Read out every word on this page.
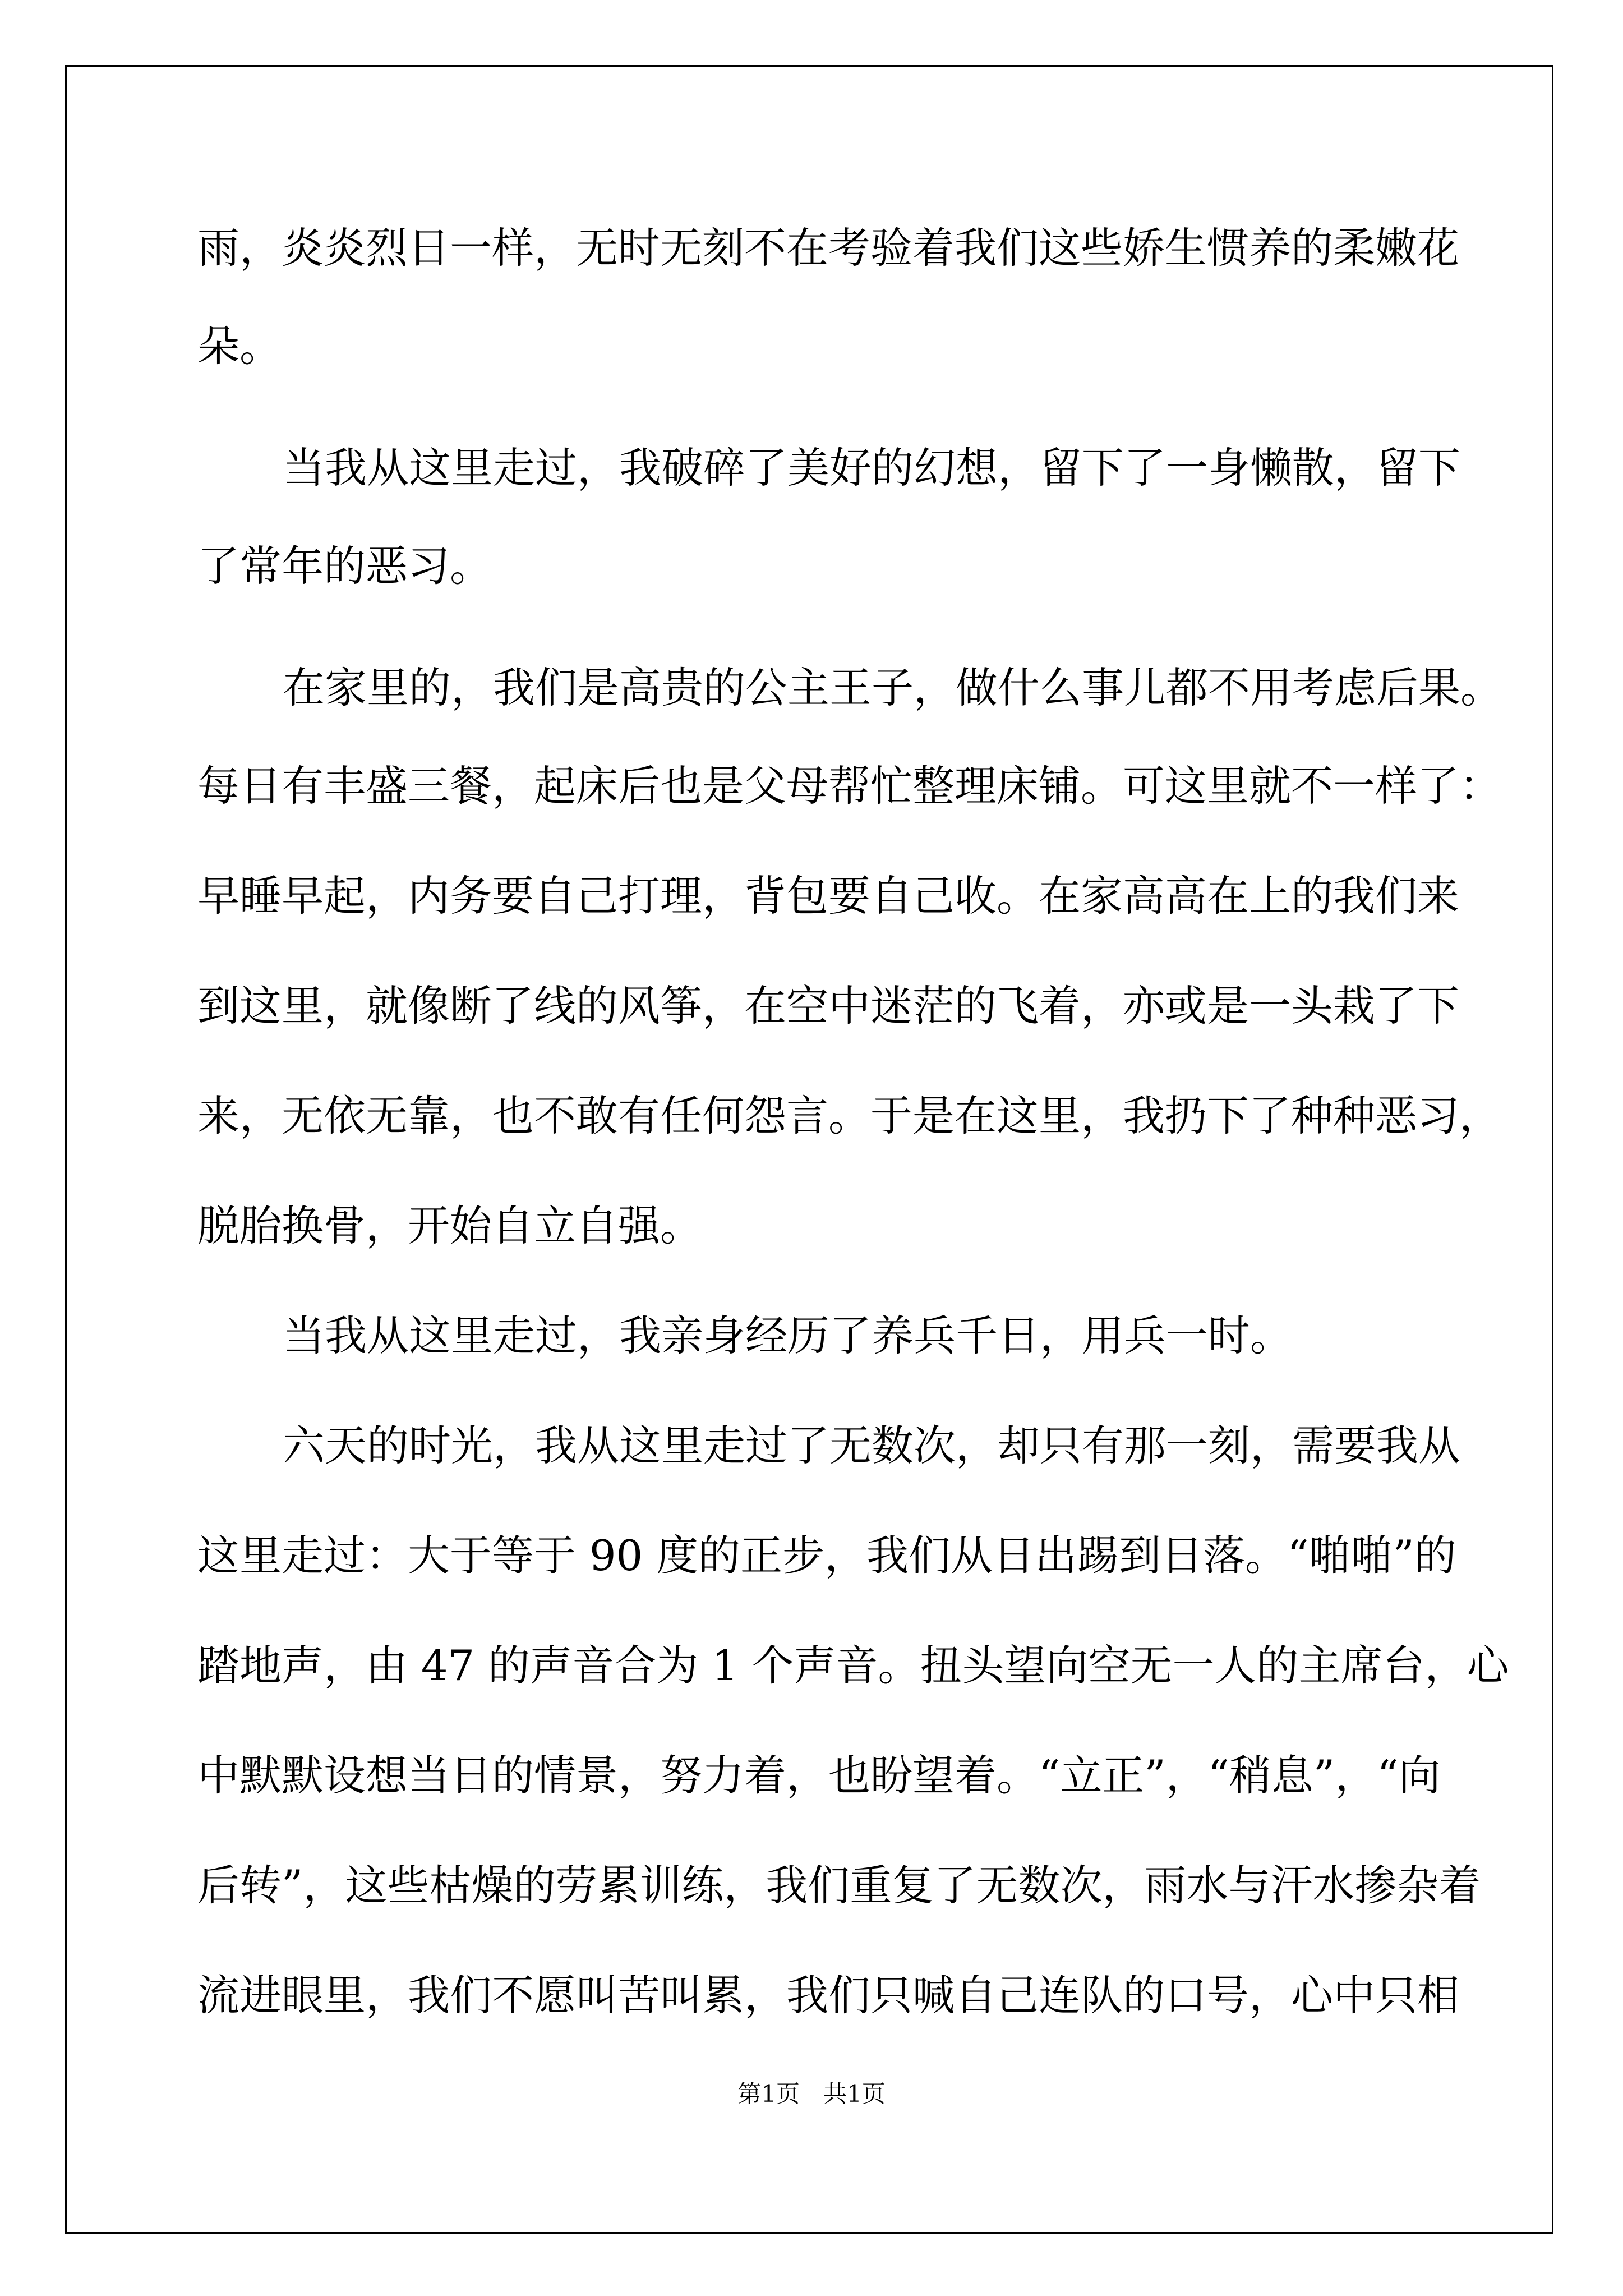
雨，炎炎烈日一样，无时无刻不在考验着我们这些娇生惯养的柔嫩花
朵。
当我从这里走过，我破碎了美好的幻想，留下了一身懒散，留下
了常年的恶习。
在家里的，我们是高贵的公主王子，做什么事儿都不用考虑后果。
每日有丰盛三餐，起床后也是父母帮忙整理床铺。可这里就不一样了：
早睡早起，内务要自己打理，背包要自己收。在家高高在上的我们来
到这里，就像断了线的风筝，在空中迷茫的飞着，亦或是一头栽了下
来，无依无靠，也不敢有任何怨言。于是在这里，我扔下了种种恶习，
脱胎换骨，开始自立自强。
当我从这里走过，我亲身经历了养兵千日，用兵一时。
六天的时光，我从这里走过了无数次，却只有那一刻，需要我从
这里走过：大于等于 90 度的正步，我们从日出踢到日落。“啪啪”的
踏地声，由 47 的声音合为 1 个声音。扭头望向空无一人的主席台，心
中默默设想当日的情景，努力着，也盼望着。“立正”，“稍息”，“向
后转”，这些枯燥的劳累训练，我们重复了无数次，雨水与汗水掺杂着
流进眼里，我们不愿叫苦叫累，我们只喊自己连队的口号，心中只相
第1页　共1页
